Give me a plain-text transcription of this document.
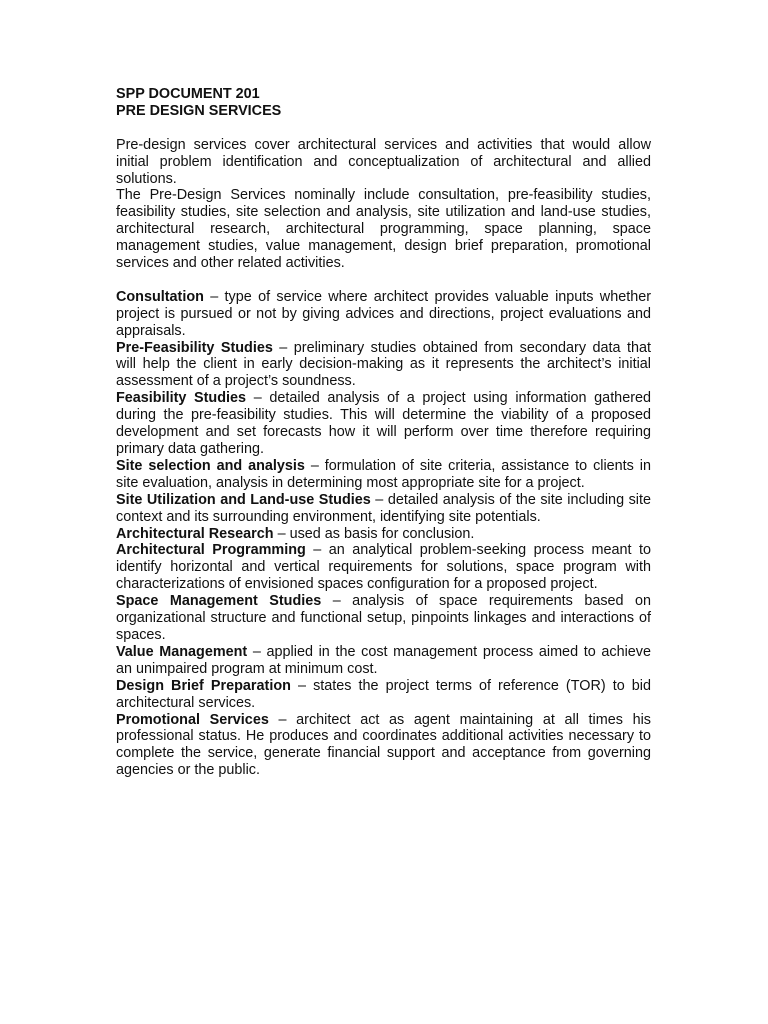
SPP DOCUMENT 201

PRE DESIGN SERVICES

Pre-design services cover architectural services and activities that would allow initial problem identification and conceptualization of architectural and allied solutions.

The Pre-Design Services nominally include consultation, pre-feasibility studies, feasibility studies, site selection and analysis, site utilization and land-use studies, architectural research, architectural programming, space planning, space management studies, value management, design brief preparation, promotional services and other related activities.

Consultation – type of service where architect provides valuable inputs whether project is pursued or not by giving advices and directions, project evaluations and appraisals.

Pre-Feasibility Studies – preliminary studies obtained from secondary data that will help the client in early decision-making as it represents the architect’s initial assessment of a project’s soundness.

Feasibility Studies – detailed analysis of a project using information gathered during the pre-feasibility studies. This will determine the viability of a proposed development and set forecasts how it will perform over time therefore requiring primary data gathering.

Site selection and analysis – formulation of site criteria, assistance to clients in site evaluation, analysis in determining most appropriate site for a project.

Site Utilization and Land-use Studies – detailed analysis of the site including site context and its surrounding environment, identifying site potentials.

Architectural Research – used as basis for conclusion.

Architectural Programming – an analytical problem-seeking process meant to identify horizontal and vertical requirements for solutions, space program with characterizations of envisioned spaces configuration for a proposed project.

Space Management Studies – analysis of space requirements based on organizational structure and functional setup, pinpoints linkages and interactions of spaces.

Value Management – applied in the cost management process aimed to achieve an unimpaired program at minimum cost.

Design Brief Preparation – states the project terms of reference (TOR) to bid architectural services.

Promotional Services – architect act as agent maintaining at all times his professional status. He produces and coordinates additional activities necessary to complete the service, generate financial support and acceptance from governing agencies or the public.
